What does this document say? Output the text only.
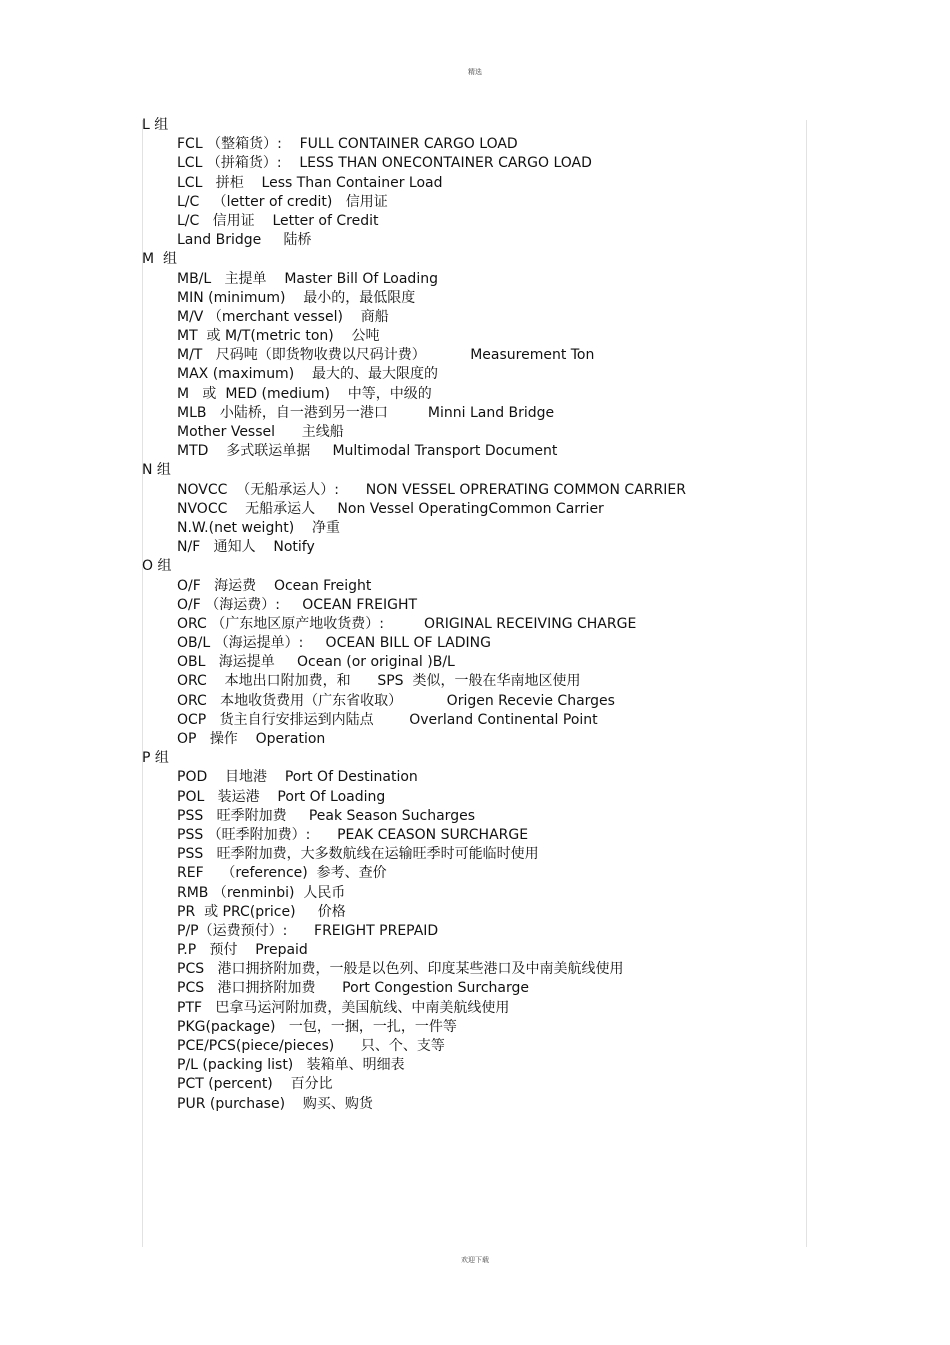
精选
L 组
FCL （整箱货）:    FULL CONTAINER CARGO LOAD
LCL （拼箱货）:    LESS THAN ONECONTAINER CARGO LOAD
LCL   拼柜    Less Than Container Load
L/C   （letter of credit)   信用证
L/C   信用证    Letter of Credit
Land Bridge     陆桥
M  组
MB/L   主提单    Master Bill Of Loading
MIN (minimum)    最小的，最低限度
M/V （merchant vessel)    商船
MT  或 M/T(metric ton)    公吨
M/T   尺码吨（即货物收费以尺码计费）          Measurement Ton
MAX (maximum)    最大的、最大限度的
M   或  MED (medium)    中等，中级的
MLB   小陆桥，自一港到另一港口         Minni Land Bridge
Mother Vessel      主线船
MTD    多式联运单据     Multimodal Transport Document
N 组
NOVCC  （无船承运人）:      NON VESSEL OPRERATING COMMON CARRIER
NVOCC    无船承运人     Non Vessel OperatingCommon Carrier
N.W.(net weight)    净重
N/F   通知人    Notify
O 组
O/F   海运费    Ocean Freight
O/F （海运费）:     OCEAN FREIGHT
ORC （广东地区原产地收货费）:         ORIGINAL RECEIVING CHARGE
OB/L （海运提单）:     OCEAN BILL OF LADING
OBL   海运提单     Ocean (or original )B/L
ORC    本地出口附加费，和      SPS  类似，一般在华南地区使用
ORC   本地收货费用（广东省收取）          Origen Recevie Charges
OCP   货主自行安排运到内陆点        Overland Continental Point
OP   操作    Operation
P 组
POD    目地港    Port Of Destination
POL   装运港    Port Of Loading
PSS   旺季附加费     Peak Season Sucharges
PSS （旺季附加费）:      PEAK CEASON SURCHARGE
PSS   旺季附加费，大多数航线在运输旺季时可能临时使用
REF    （reference)  参考、查价
RMB （renminbi)  人民币
PR  或 PRC(price)     价格
P/P（运费预付）:      FREIGHT PREPAID
P.P   预付    Prepaid
PCS   港口拥挤附加费，一般是以色列、印度某些港口及中南美航线使用
PCS   港口拥挤附加费      Port Congestion Surcharge
PTF   巴拿马运河附加费，美国航线、中南美航线使用
PKG(package)   一包，一捆，一扎，一件等
PCE/PCS(piece/pieces)      只、个、支等
P/L (packing list)   装箱单、明细表
PCT (percent)    百分比
PUR (purchase)    购买、购货
欢迎下载
